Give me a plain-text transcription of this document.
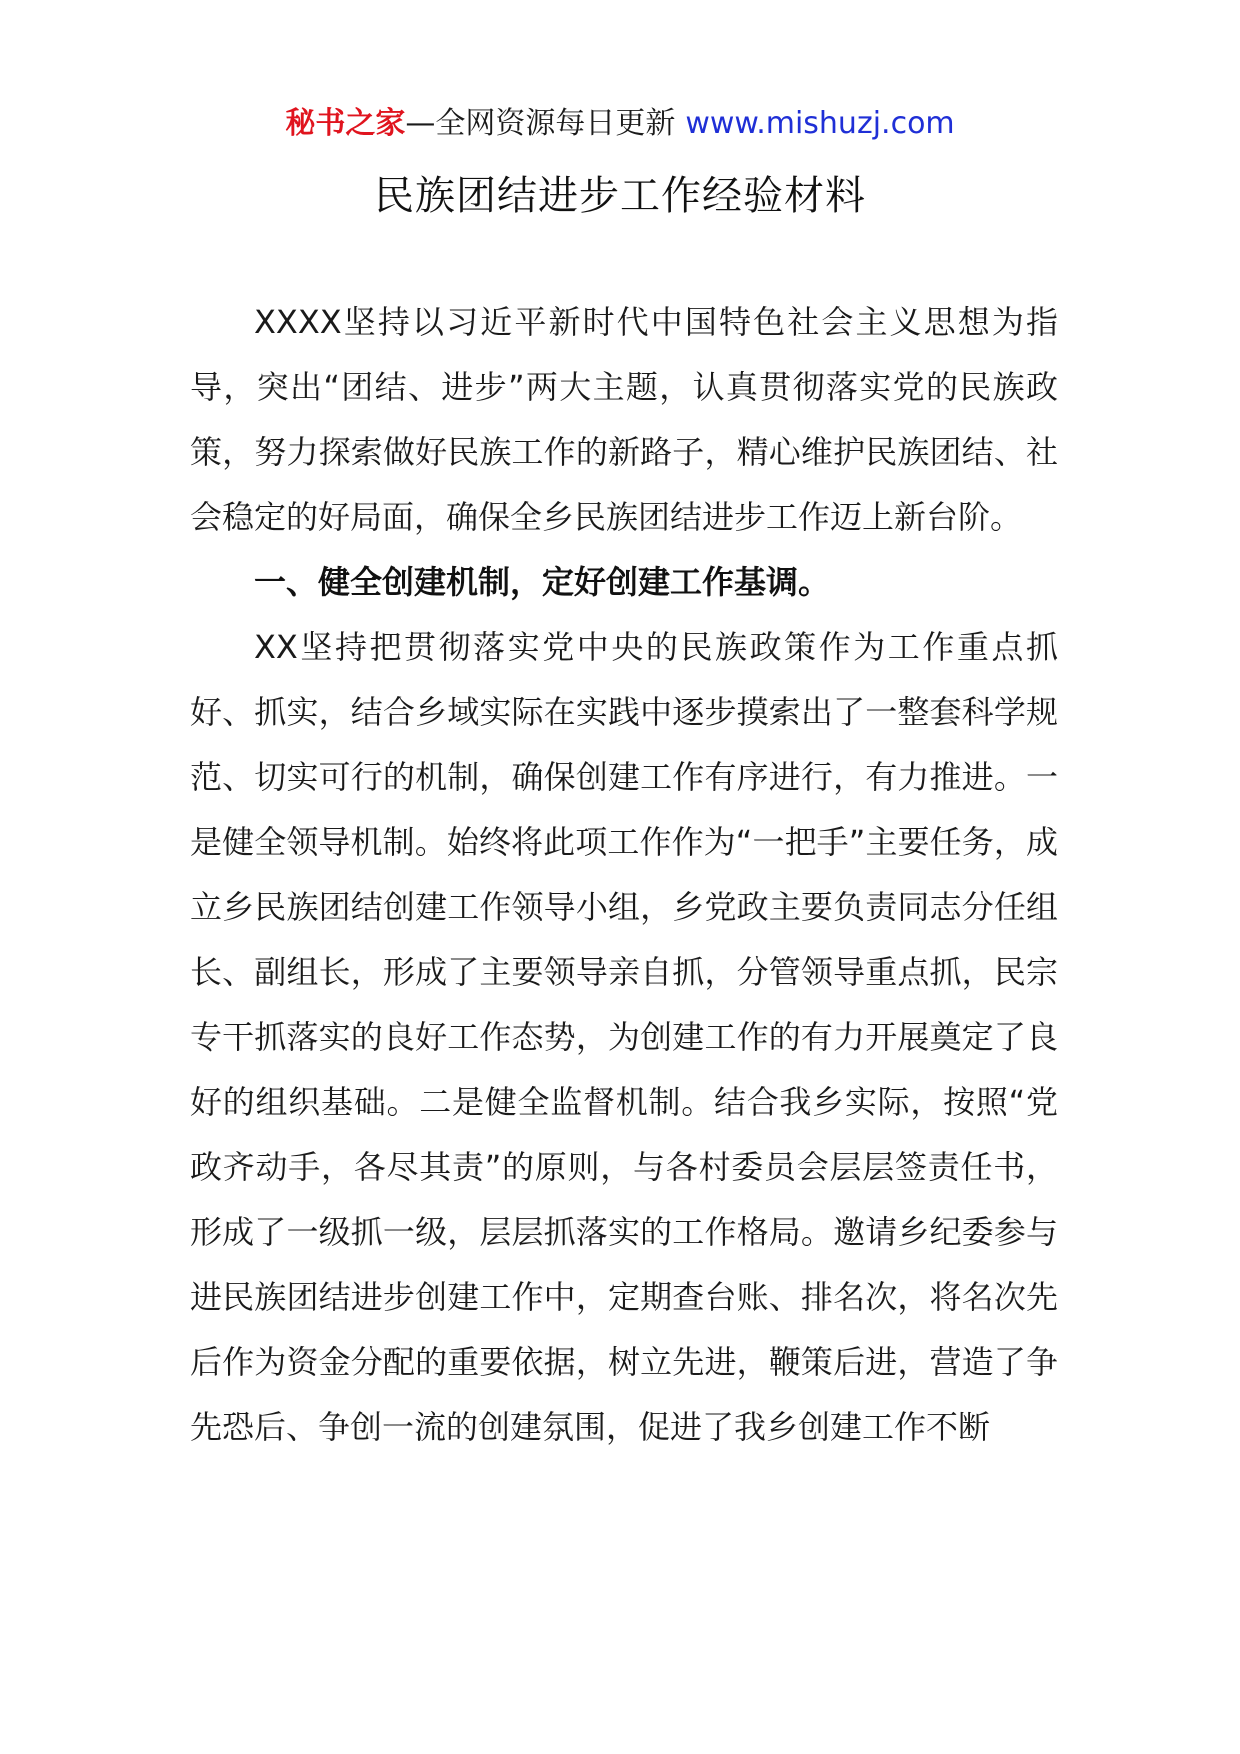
秘书之家—全网资源每日更新 www.mishuzj.com
民族团结进步工作经验材料

XXXX坚持以习近平新时代中国特色社会主义思想为指导，突出“团结、进步”两大主题，认真贯彻落实党的民族政策，努力探索做好民族工作的新路子，精心维护民族团结、社会稳定的好局面，确保全乡民族团结进步工作迈上新台阶。

一、健全创建机制，定好创建工作基调。

XX坚持把贯彻落实党中央的民族政策作为工作重点抓好、抓实，结合乡域实际在实践中逐步摸索出了一整套科学规范、切实可行的机制，确保创建工作有序进行，有力推进。一是健全领导机制。始终将此项工作作为“一把手”主要任务，成立乡民族团结创建工作领导小组，乡党政主要负责同志分任组长、副组长，形成了主要领导亲自抓，分管领导重点抓，民宗专干抓落实的良好工作态势，为创建工作的有力开展奠定了良好的组织基础。二是健全监督机制。结合我乡实际，按照“党政齐动手，各尽其责”的原则，与各村委员会层层签责任书，形成了一级抓一级，层层抓落实的工作格局。邀请乡纪委参与进民族团结进步创建工作中，定期查台账、排名次，将名次先后作为资金分配的重要依据，树立先进，鞭策后进，营造了争先恐后、争创一流的创建氛围，促进了我乡创建工作不断
